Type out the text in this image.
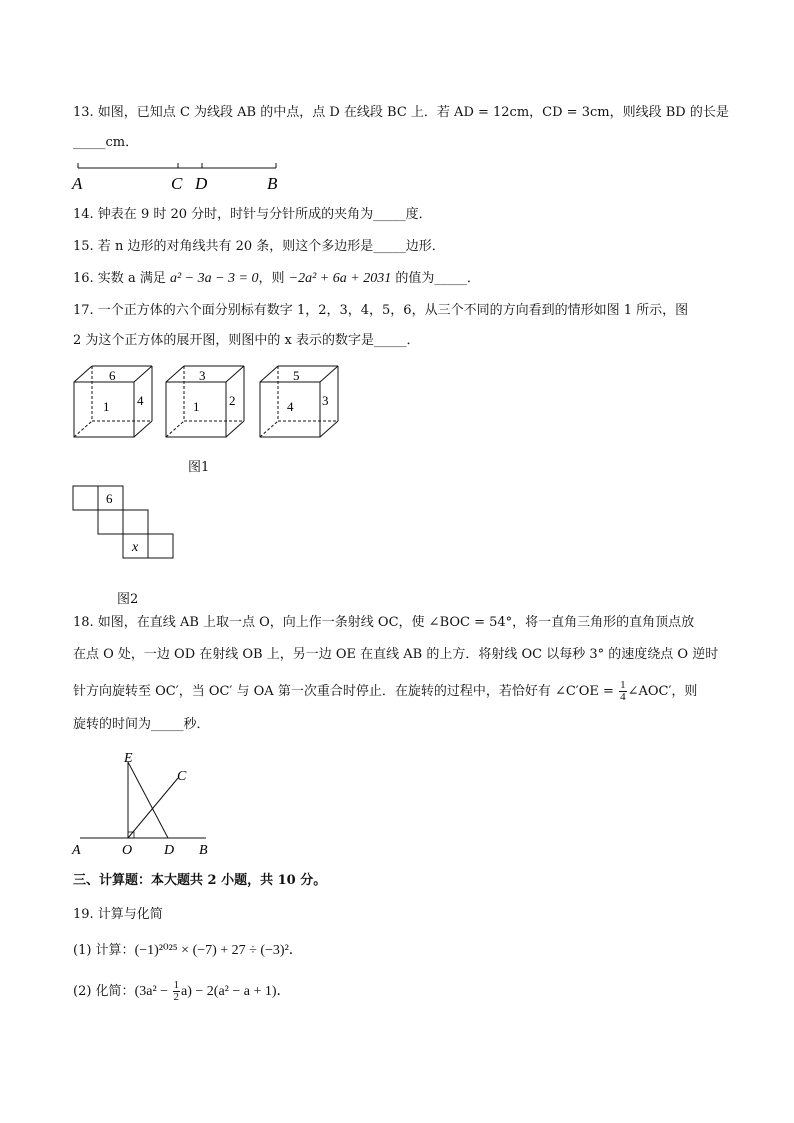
13. 如图，已知点 C 为线段 AB 的中点，点 D 在线段 BC 上．若 AD = 12cm，CD = 3cm，则线段 BD 的长是
_____cm．
A	C D	B
14. 钟表在 9 时 20 分时，时针与分针所成的夹角为_____度．
15. 若 n 边形的对角线共有 20 条，则这个多边形是_____边形．
16. 实数 a 满足 a² − 3a − 3 = 0，则 −2a² + 6a + 2031 的值为_____．
17. 一个正方体的六个面分别标有数字 1，2，3，4，5，6，从三个不同的方向看到的情形如图 1 所示，图
2 为这个正方体的展开图，则图中的 x 表示的数字是_____．
6
1 4
3
1 2
5
4 3
图1
6
x
图2
18. 如图，在直线 AB 上取一点 O，向上作一条射线 OC，使 ∠BOC = 54°，将一直角三角形的直角顶点放
在点 O 处，一边 OD 在射线 OB 上，另一边 OE 在直线 AB 的上方．将射线 OC 以每秒 3° 的速度绕点 O 逆时
针方向旋转至 OC′，当 OC′ 与 OA 第一次重合时停止．在旋转的过程中，若恰好有 ∠C′OE = $\frac{1}{4}$ ∠AOC′，则
旋转的时间为_____秒．
E
C
A	O D B
三、计算题：本大题共 2 小题，共 10 分。
19. 计算与化简
(1) 计算：(−1)²⁰²⁵ × (−7) + 27 ÷ (−3)²．
(2) 化简：$(3a^2 - \frac{1}{2} a) - 2(a^2 - a + 1)$．
